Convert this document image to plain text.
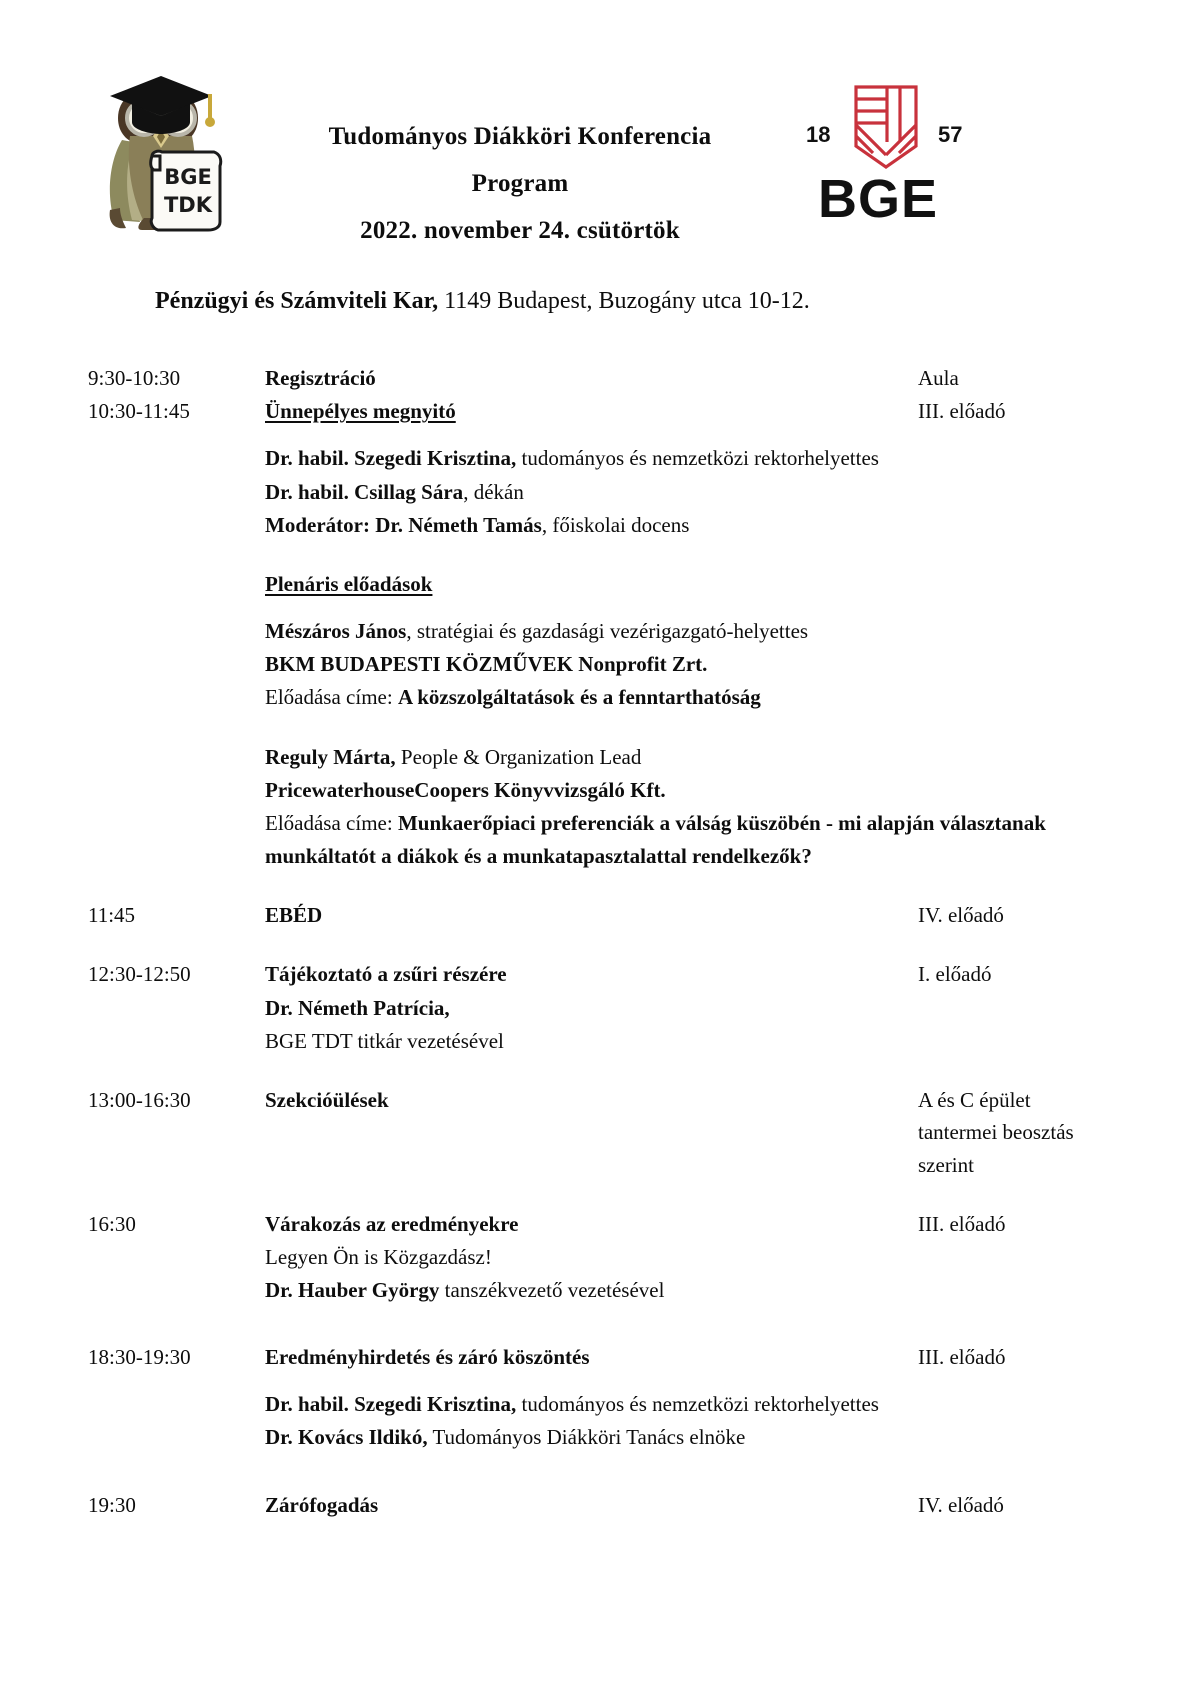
BGE
TDK
Tudományos Diákköri Konferencia
Program
2022. november 24. csütörtök
18	57
BGE
Pénzügyi és Számviteli Kar, 1149 Budapest, Buzogány utca 10-12.
9:30-10:30	Regisztráció	Aula
10:30-11:45	Ünnepélyes megnyitó	III. előadó
Dr. habil. Szegedi Krisztina, tudományos és nemzetközi rektorhelyettes
Dr. habil. Csillag Sára, dékán
Moderátor: Dr. Németh Tamás, főiskolai docens
Plenáris előadások
Mészáros János, stratégiai és gazdasági vezérigazgató-helyettes
BKM BUDAPESTI KÖZMŰVEK Nonprofit Zrt.
Előadása címe: A közszolgáltatások és a fenntarthatóság
Reguly Márta, People & Organization Lead
PricewaterhouseCoopers Könyvvizsgáló Kft.
Előadása címe: Munkaerőpiaci preferenciák a válság küszöbén - mi alapján választanak munkáltatót a diákok és a munkatapasztalattal rendelkezők?
11:45	EBÉD	IV. előadó
12:30-12:50	Tájékoztató a zsűri részére	I. előadó
Dr. Németh Patrícia,
BGE TDT titkár vezetésével
13:00-16:30	Szekcióülések	A és C épület tantermei beosztás szerint
16:30	Várakozás az eredményekre	III. előadó
Legyen Ön is Közgazdász!
Dr. Hauber György tanszékvezető vezetésével
18:30-19:30	Eredményhirdetés és záró köszöntés	III. előadó
Dr. habil. Szegedi Krisztina, tudományos és nemzetközi rektorhelyettes
Dr. Kovács Ildikó, Tudományos Diákköri Tanács elnöke
19:30	Zárófogadás	IV. előadó
